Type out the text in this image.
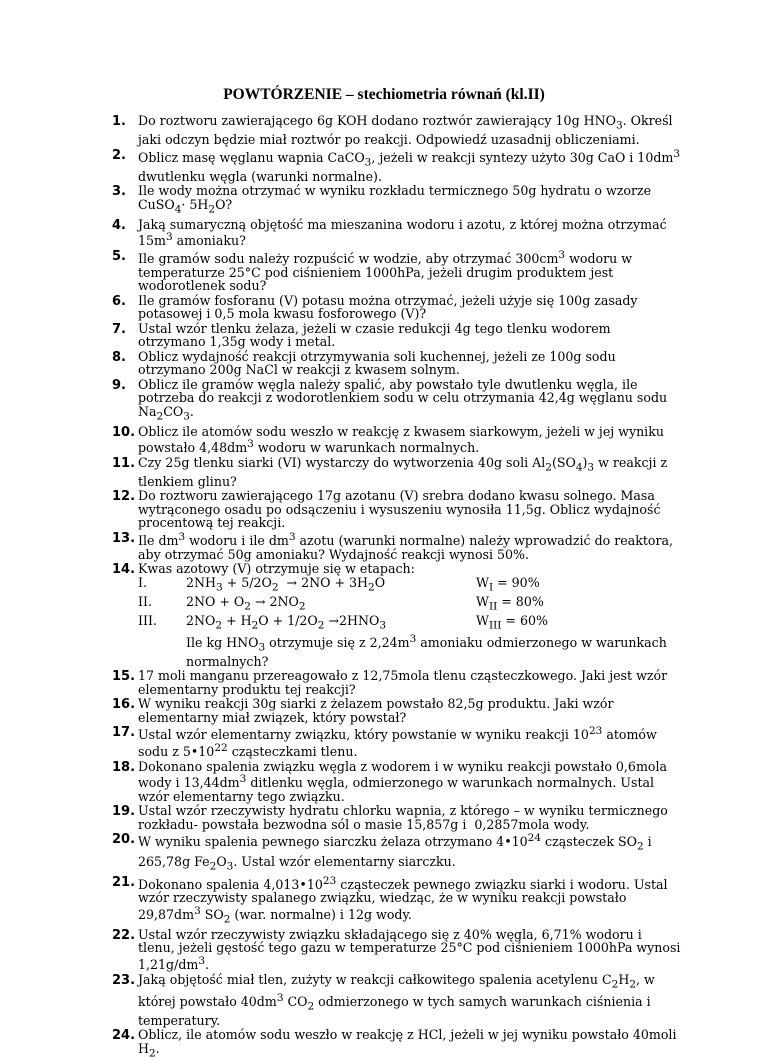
POWTÓRZENIE – stechiometria równań (kl.II)
1. Do roztworu zawierającego 6g KOH dodano roztwór zawierający 10g $HNO_3$. Określ jaki odczyn będzie miał roztwór po reakcji. Odpowiedź uzasadnij obliczeniami.
2. Oblicz masę węglanu wapnia CaCO$_3$, jeżeli w reakcji syntezy użyto 30g CaO i $10dm^3$ dwutlenku węgla (warunki normalne).
3. Ile wody można otrzymać w wyniku rozkładu termicznego 50g hydratu o wzorze CuSO$_4$· $5H_2O$?
4. Jaką sumaryczną objętość ma mieszanina wodoru i azotu, z której można otrzymać $15m^3$ amoniaku?
5. Ile gramów sodu należy rozpuścić w wodzie, aby otrzymać $300cm^3$ wodoru w temperaturze 25°C pod ciśnieniem 1000hPa, jeżeli drugim produktem jest wodorotlenek sodu?
6. Ile gramów fosforanu (V) potasu można otrzymać, jeżeli użyje się 100g zasady potasowej i 0,5 mola kwasu fosforowego (V)?
7. Ustal wzór tlenku żelaza, jeżeli w czasie redukcji 4g tego tlenku wodorem otrzymano 1,35g wody i metal.
8. Oblicz wydajność reakcji otrzymywania soli kuchennej, jeżeli ze 100g sodu otrzymano 200g NaCl w reakcji z kwasem solnym.
9. Oblicz ile gramów węgla należy spalić, aby powstało tyle dwutlenku węgla, ile potrzeba do reakcji z wodorotlenkiem sodu w celu otrzymania 42,4g węglanu sodu $Na_2CO_3$.
10. Oblicz ile atomów sodu weszło w reakcję z kwasem siarkowym, jeżeli w jej wyniku powstało $4,48dm^3$ wodoru w warunkach normalnych.
11. Czy 25g tlenku siarki (VI) wystarczy do wytworzenia 40g soli $Al_2(SO_4)_3$ w reakcji z tlenkiem glinu?
12. Do roztworu zawierającego 17g azotanu (V) srebra dodano kwasu solnego. Masa wytrąconego osadu po odsączeniu i wysuszeniu wynosiła 11,5g. Oblicz wydajność procentową tej reakcji.
13. Ile $dm^3$ wodoru i ile $dm^3$ azotu (warunki normalne) należy wprowadzić do reaktora, aby otrzymać 50g amoniaku? Wydajność reakcji wynosi 50%.
14. Kwas azotowy (V) otrzymuje się w etapach:
I.	$2NH_3 + 5/2O_2 \to 2NO + 3H_2O$	$W_I = 90\%$
II.	$2NO + O_2 \to 2NO_2$	$W_{II} = 80\%$
III.	$2NO_2 + H_2O + 1/2O_2 \to 2HNO_3$	$W_{III} = 60\%$
Ile kg $HNO_3$ otrzymuje się z $2,24m^3$ amoniaku odmierzonego w warunkach normalnych?
15. 17 moli manganu przereagowało z 12,75mola tlenu cząsteczkowego. Jaki jest wzór elementarny produktu tej reakcji?
16. W wyniku reakcji 30g siarki z żelazem powstało 82,5g produktu. Jaki wzór elementarny miał związek, który powstał?
17. Ustal wzór elementarny związku, który powstanie w wyniku reakcji $10^{23}$ atomów sodu z $5•10^{22}$ cząsteczkami tlenu.
18. Dokonano spalenia związku węgla z wodorem i w wyniku reakcji powstało 0,6mola wody i $13,44dm^3$ ditlenku węgla, odmierzonego w warunkach normalnych. Ustal wzór elementarny tego związku.
19. Ustal wzór rzeczywisty hydratu chlorku wapnia, z którego – w wyniku termicznego rozkładu- powstała bezwodna sól o masie 15,857g i  0,2857mola wody.
20. W wyniku spalenia pewnego siarczku żelaza otrzymano $4•10^{24}$ cząsteczek $SO_2$ i 265,78g $Fe_2O_3$. Ustal wzór elementarny siarczku.
21. Dokonano spalenia $4,013•10^{23}$ cząsteczek pewnego związku siarki i wodoru. Ustal wzór rzeczywisty spalanego związku, wiedząc, że w wyniku reakcji powstało $29,87dm^3$ $SO_2$ (war. normalne) i 12g wody.
22. Ustal wzór rzeczywisty związku składającego się z 40% węgla, 6,71% wodoru i tlenu, jeżeli gęstość tego gazu w temperaturze 25°C pod ciśnieniem 1000hPa wynosi $1,21g/dm^3$.
23. Jaką objętość miał tlen, zużyty w reakcji całkowitego spalenia acetylenu $C_2H_2$, w której powstało $40dm^3$ $CO_2$ odmierzonego w tych samych warunkach ciśnienia i temperatury.
24. Oblicz, ile atomów sodu weszło w reakcję z HCl, jeżeli w jej wyniku powstało 40moli $H_2$.
